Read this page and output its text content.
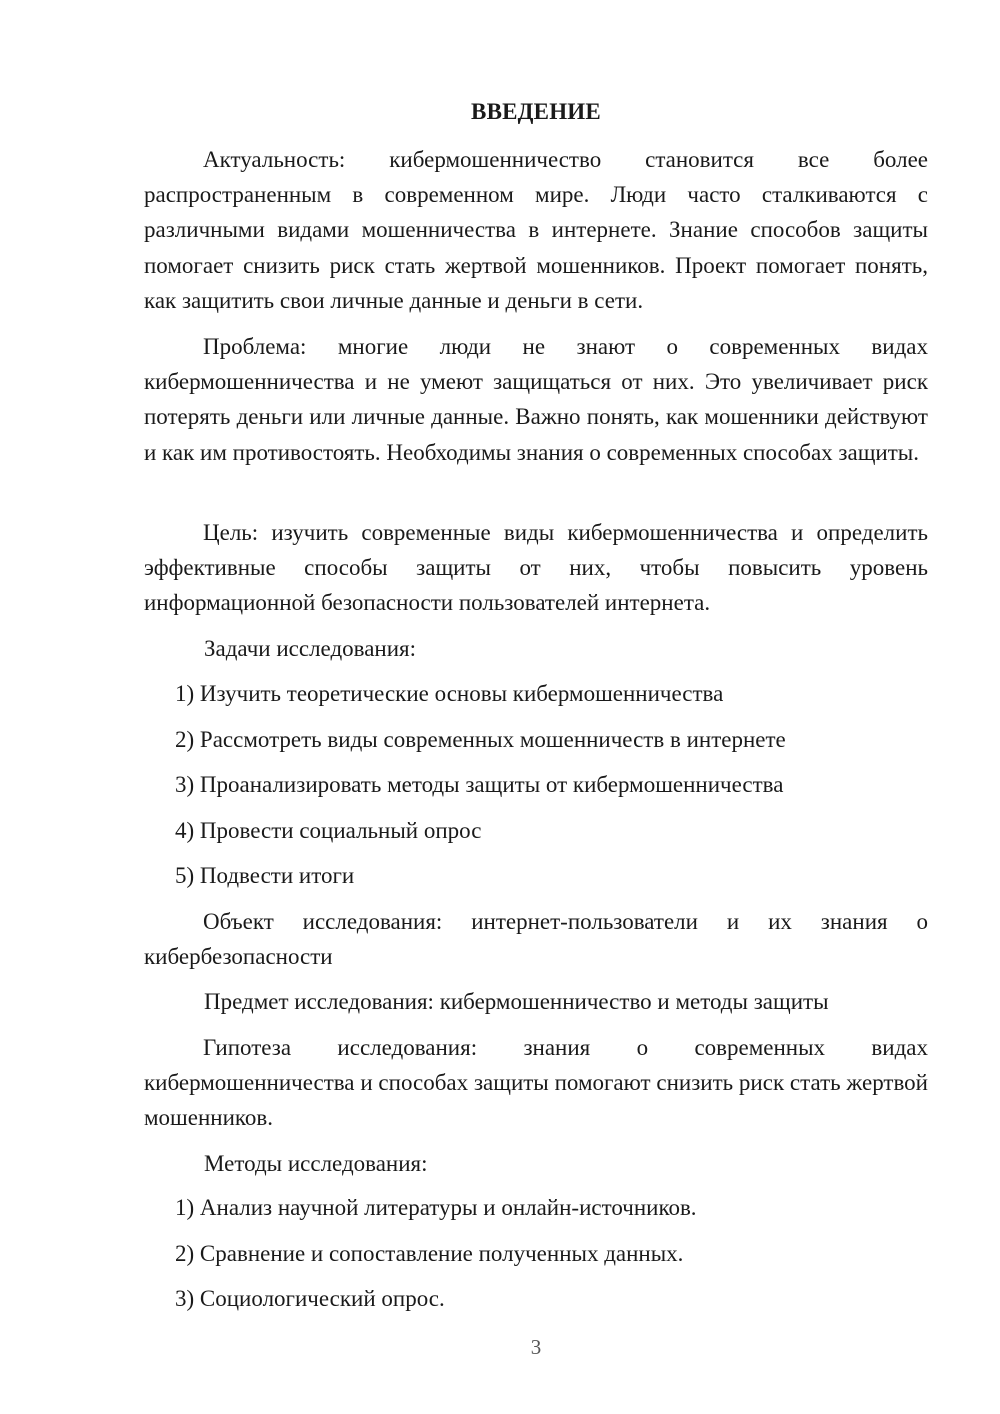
ВВЕДЕНИЕ

Актуальность: кибермошенничество становится все более распространенным в современном мире. Люди часто сталкиваются с различными видами мошенничества в интернете. Знание способов защиты помогает снизить риск стать жертвой мошенников. Проект помогает понять, как защитить свои личные данные и деньги в сети.

Проблема: многие люди не знают о современных видах кибермошенничества и не умеют защищаться от них. Это увеличивает риск потерять деньги или личные данные. Важно понять, как мошенники действуют и как им противостоять. Необходимы знания о современных способах защиты.

Цель: изучить современные виды кибермошенничества и определить эффективные способы защиты от них, чтобы повысить уровень информационной безопасности пользователей интернета.

Задачи исследования:

1) Изучить теоретические основы кибермошенничества

2) Рассмотреть виды современных мошенничеств в интернете

3) Проанализировать методы защиты от кибермошенничества

4) Провести социальный опрос

5) Подвести итоги

Объект исследования: интернет-пользователи и их знания о кибербезопасности

Предмет исследования: кибермошенничество и методы защиты

Гипотеза исследования: знания о современных видах кибермошенничества и способах защиты помогают снизить риск стать жертвой мошенников.

Методы исследования:

1) Анализ научной литературы и онлайн-источников.

2) Сравнение и сопоставление полученных данных.

3) Социологический опрос.

3
